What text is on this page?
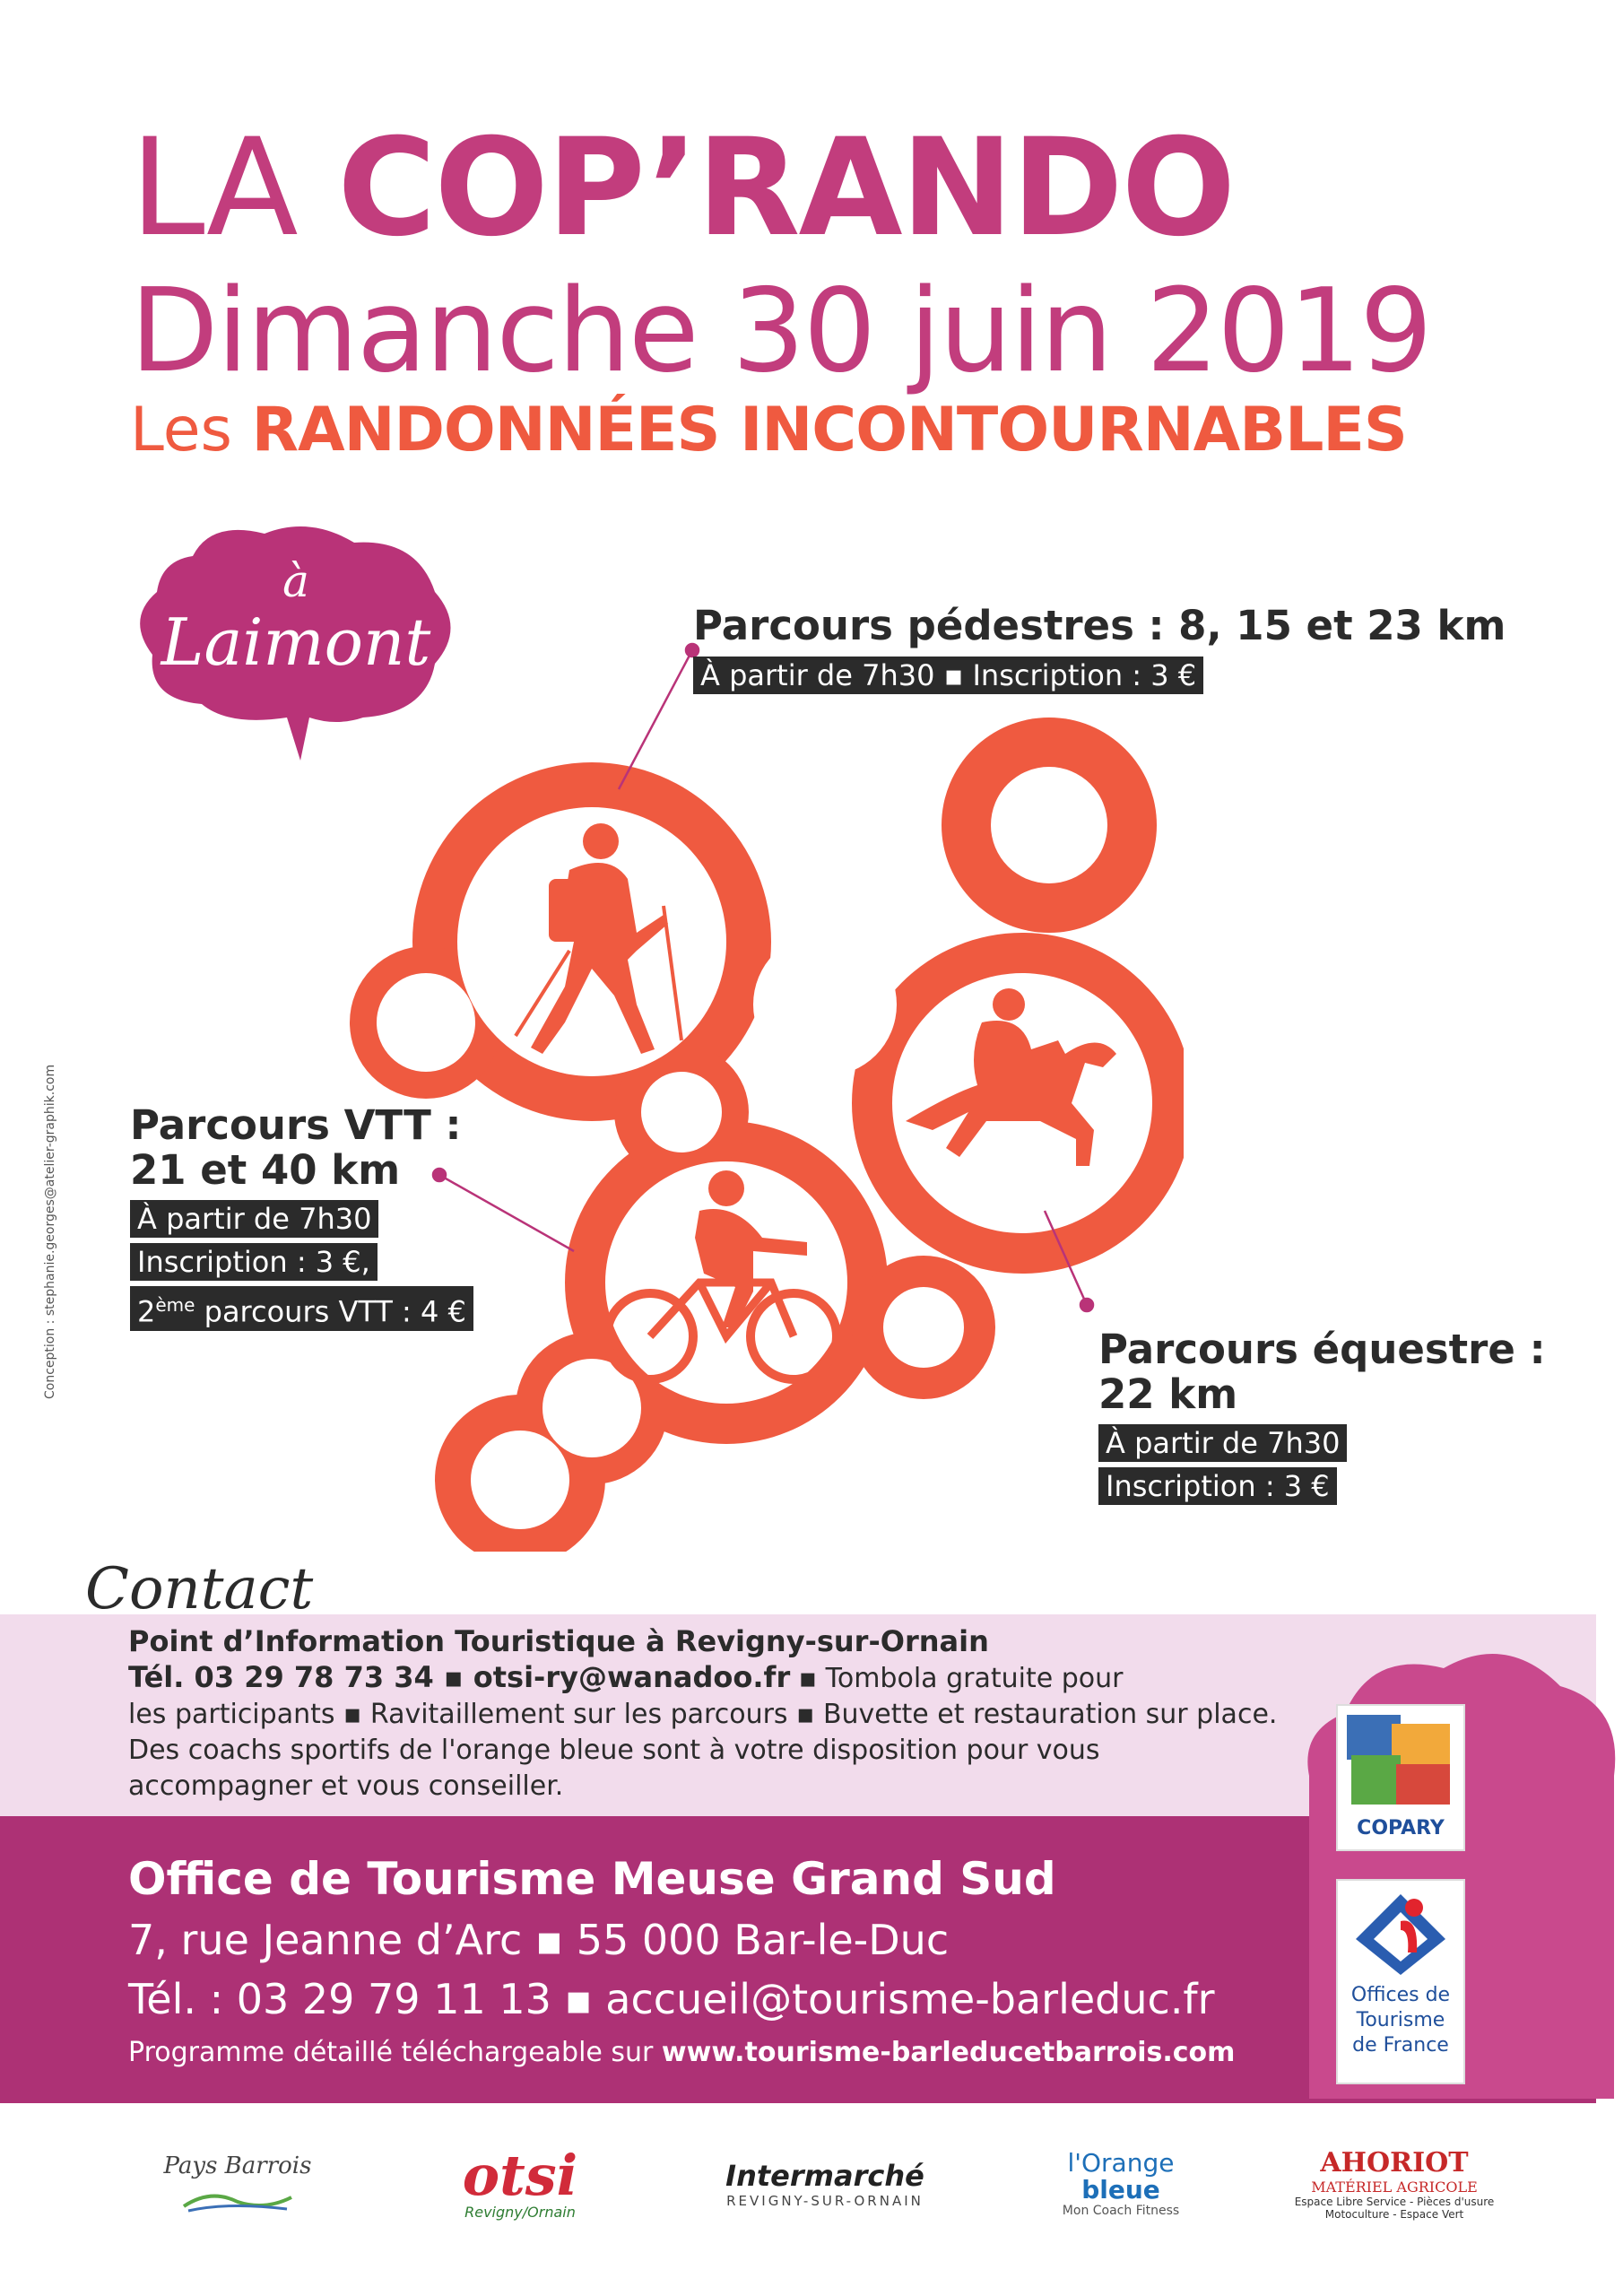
LA COP’RANDO
Dimanche 30 juin 2019
Les RANDONNÉES INCONTOURNABLES
à
Laimont	Parcours pédestres : 8, 15 et 23 km
À partir de 7h30 ▪ Inscription : 3 €
Parcours VTT :
21 et 40 km
À partir de 7h30
Inscription : 3 €,
2ème parcours VTT : 4 €
Parcours équestre :
22 km
À partir de 7h30
Inscription : 3 €
Conception : stephanie.georges@atelier-graphik.com
Contact
Point d’Information Touristique à Revigny-sur-Ornain
Tél. 03 29 78 73 34 ▪ otsi-ry@wanadoo.fr ▪ Tombola gratuite pour
les participants ▪ Ravitaillement sur les parcours ▪ Buvette et restauration sur place.
Des coachs sportifs de l'orange bleue sont à votre disposition pour vous
accompagner et vous conseiller.
Office de Tourisme Meuse Grand Sud
7, rue Jeanne d’Arc ▪ 55 000 Bar-le-Duc
Tél. : 03 29 79 11 13 ▪ accueil@tourisme-barleduc.fr
Programme détaillé téléchargeable sur www.tourisme-barleducetbarrois.com
COPARY
Offices de
Tourisme
de France
Pays Barrois	otsi
Revigny/Ornain
Intermarché
REVIGNY-SUR-ORNAIN
l'Orange
bleue
Mon Coach Fitness
AHORIOT
MATÉRIEL AGRICOLE
Espace Libre Service - Pièces d'usure
Motoculture - Espace Vert
